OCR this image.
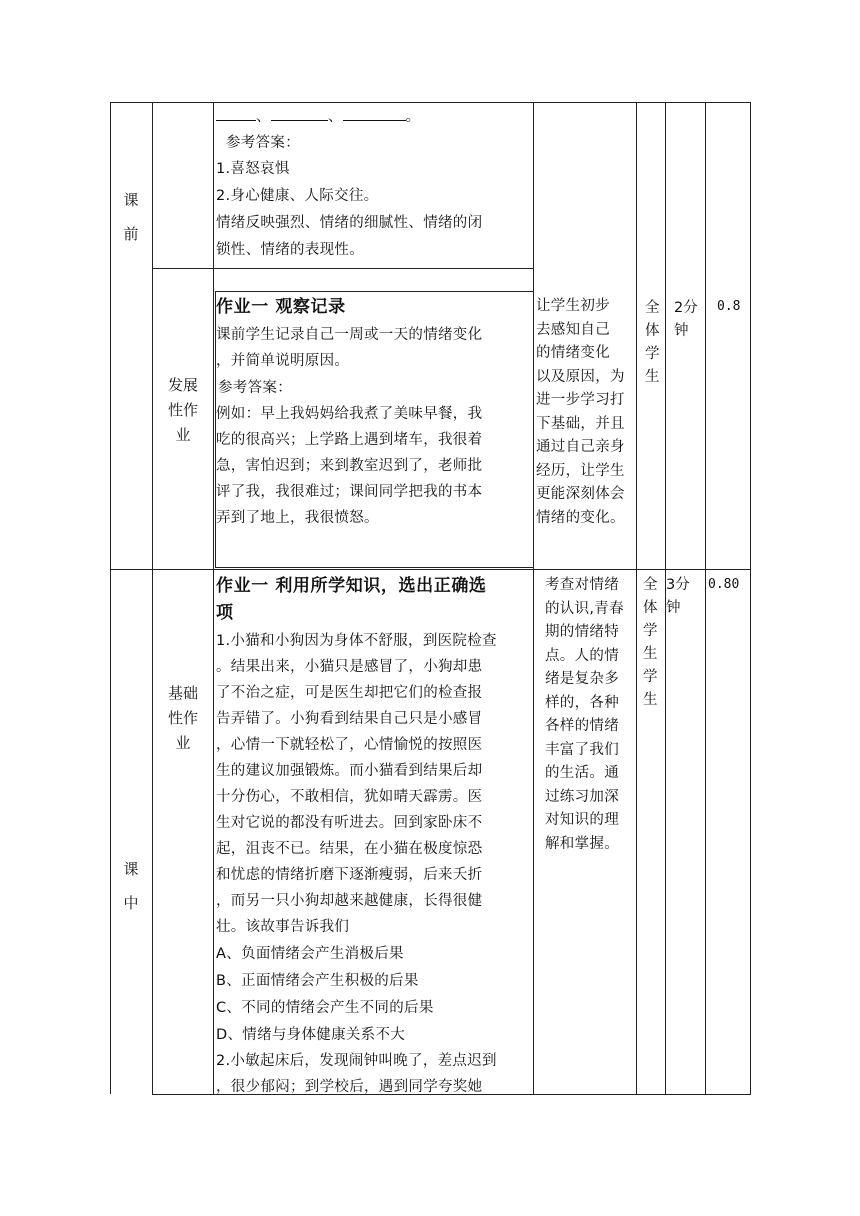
课前
、	、	。
参考答案：
1.喜怒哀惧
2.身心健康、人际交往。
情绪反映强烈、情绪的细腻性、情绪的闭
锁性、情绪的表现性。
发展
性作
业
作业一 观察记录
课前学生记录自己一周或一天的情绪变化
，并简单说明原因。
参考答案：
例如：早上我妈妈给我煮了美味早餐，我
吃的很高兴；上学路上遇到堵车，我很着
急，害怕迟到；来到教室迟到了，老师批
评了我，我很难过；课间同学把我的书本
弄到了地上，我很愤怒。
让学生初步
去感知自己
的情绪变化
以及原因，为
进一步学习打
下基础，并且
通过自己亲身
经历，让学生
更能深刻体会
情绪的变化。
全
体
学
生
2分
钟
0.8
课中
基础
性作
业
作业一 利用所学知识，选出正确选
项
1.小猫和小狗因为身体不舒服，到医院检查
。结果出来，小猫只是感冒了，小狗却患
了不治之症，可是医生却把它们的检查报
告弄错了。小狗看到结果自己只是小感冒
，心情一下就轻松了，心情愉悦的按照医
生的建议加强锻炼。而小猫看到结果后却
十分伤心，不敢相信，犹如晴天霹雳。医
生对它说的都没有听进去。回到家卧床不
起，沮丧不已。结果，在小猫在极度惊恐
和忧虑的情绪折磨下逐渐瘦弱，后来夭折
，而另一只小狗却越来越健康，长得很健
壮。该故事告诉我们
A、负面情绪会产生消极后果
B、正面情绪会产生积极的后果
C、不同的情绪会产生不同的后果
D、情绪与身体健康关系不大
2.小敏起床后，发现闹钟叫晚了，差点迟到
，很少郁闷；到学校后，遇到同学夸奖她
考查对情绪
的认识,青春
期的情绪特
点。人的情
绪是复杂多
样的，各种
各样的情绪
丰富了我们
的生活。通
过练习加深
对知识的理
解和掌握。
全
体
学
生
学
生
3分
钟
0.80
